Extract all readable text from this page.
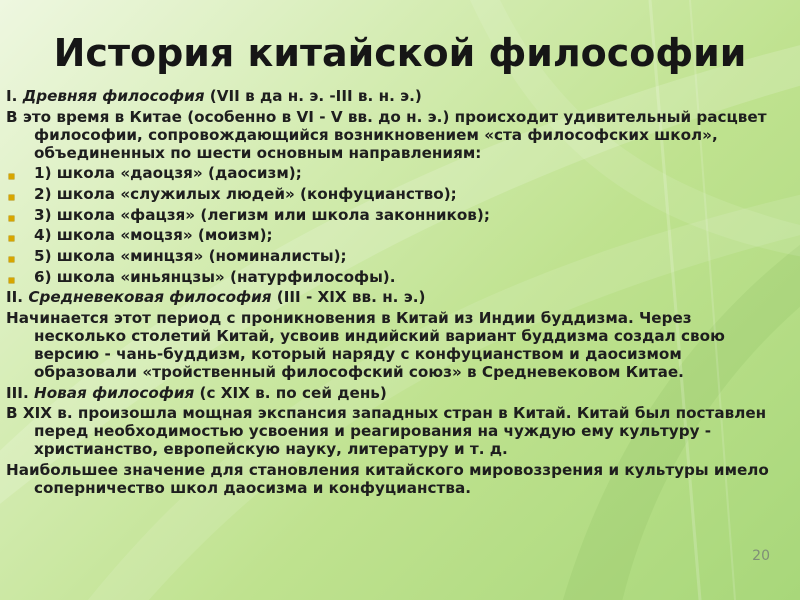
История китайской философии
I. Древняя философия (VII в да н. э. -III в. н. э.)
В это время в Китае (особенно в VI - V вв. до н. э.) происходит удивительный расцвет философии, сопровождающийся возникновением «ста философских школ», объединенных по шести основным направлениям:
1) школа «даоцзя» (даосизм);
2) школа «служилых людей» (конфуцианство);
3) школа «фацзя» (легизм или школа законников);
4) школа «моцзя» (моизм);
5) школа «минцзя» (номиналисты);
6) школа «иньянцзы» (натурфилософы).
II. Средневековая философия (III - XIX вв. н. э.)
Начинается этот период с проникновения в Китай из Индии буддизма. Через несколько столетий Китай, усвоив индийский вариант буддизма создал свою версию - чань-буддизм, который наряду с конфуцианством и даосизмом образовали «тройственный философский союз» в Средневековом Китае.
III. Новая философия (с XIX в. по сей день)
В XIX в. произошла мощная экспансия западных стран в Китай. Китай был поставлен перед необходимостью усвоения и реагирования на чуждую ему культуру - христианство, европейскую науку, литературу и т. д.
Наибольшее значение для становления китайского мировоззрения и культуры имело соперничество школ даосизма и конфуцианства.
20
